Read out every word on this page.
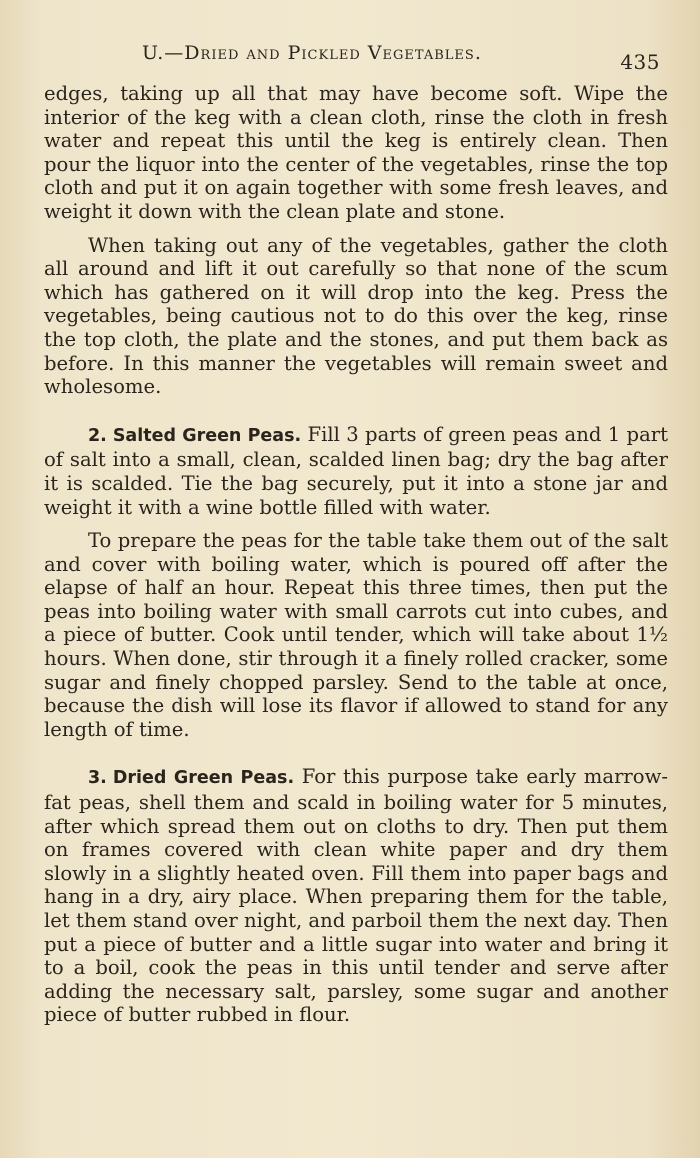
U.—Dried and Pickled Vegetables.	435

edges, taking up all that may have become soft. Wipe the interior of the keg with a clean cloth, rinse the cloth in fresh water and repeat this until the keg is entirely clean. Then pour the liquor into the center of the vegetables, rinse the top cloth and put it on again together with some fresh leaves, and weight it down with the clean plate and stone.

When taking out any of the vegetables, gather the cloth all around and lift it out carefully so that none of the scum which has gathered on it will drop into the keg. Press the vegetables, being cautious not to do this over the keg, rinse the top cloth, the plate and the stones, and put them back as before. In this manner the vegetables will remain sweet and wholesome.

2. Salted Green Peas. Fill 3 parts of green peas and 1 part of salt into a small, clean, scalded linen bag; dry the bag after it is scalded. Tie the bag securely, put it into a stone jar and weight it with a wine bottle filled with water.

To prepare the peas for the table take them out of the salt and cover with boiling water, which is poured off after the elapse of half an hour. Repeat this three times, then put the peas into boiling water with small carrots cut into cubes, and a piece of butter. Cook until tender, which will take about 1½ hours. When done, stir through it a finely rolled cracker, some sugar and finely chopped parsley. Send to the table at once, because the dish will lose its flavor if allowed to stand for any length of time.

3. Dried Green Peas. For this purpose take early marrow-fat peas, shell them and scald in boiling water for 5 minutes, after which spread them out on cloths to dry. Then put them on frames covered with clean white paper and dry them slowly in a slightly heated oven. Fill them into paper bags and hang in a dry, airy place. When preparing them for the table, let them stand over night, and parboil them the next day. Then put a piece of butter and a little sugar into water and bring it to a boil, cook the peas in this until tender and serve after adding the necessary salt, parsley, some sugar and another piece of butter rubbed in flour.
